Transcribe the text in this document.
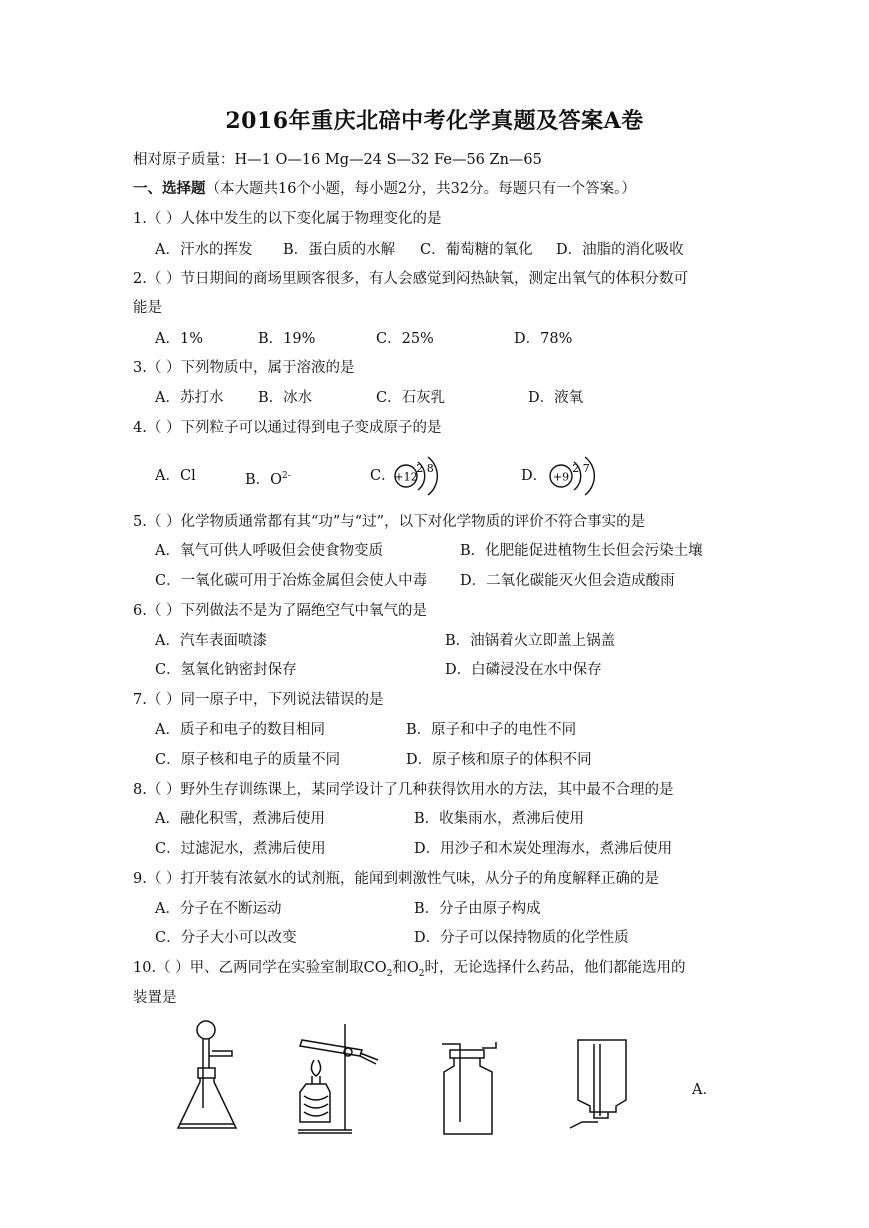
2016年重庆北碚中考化学真题及答案A卷
相对原子质量：H—1 O—16 Mg—24 S—32 Fe—56 Zn—65
一、选择题（本大题共16个小题，每小题2分，共32分。每题只有一个答案。）
1.（ ）人体中发生的以下变化属于物理变化的是
A．汗水的挥发 B．蛋白质的水解 C．葡萄糖的氧化 D．油脂的消化吸收
2.（ ）节日期间的商场里顾客很多，有人会感觉到闷热缺氧，测定出氧气的体积分数可
能是
A．1%	B．19%	C．25%	D．78%
3.（ ）下列物质中，属于溶液的是
A．苏打水 B．冰水	C．石灰乳	D．液氧
4.（ ）下列粒子可以通过得到电子变成原子的是
A．Cl	B．$O^{2-}$	C．	D．
+12
2 8
+9
2 7
5.（ ）化学物质通常都有其“功”与“过”，以下对化学物质的评价不符合事实的是
A．氧气可供人呼吸但会使食物变质	B．化肥能促进植物生长但会污染土壤
C．一氧化碳可用于冶炼金属但会使人中毒 D．二氧化碳能灭火但会造成酸雨
6.（ ）下列做法不是为了隔绝空气中氧气的是
A．汽车表面喷漆	B．油锅着火立即盖上锅盖
C．氢氧化钠密封保存	D．白磷浸没在水中保存
7.（ ）同一原子中，下列说法错误的是
A．质子和电子的数目相同	B．原子和中子的电性不同
C．原子核和电子的质量不同	D．原子核和原子的体积不同
8.（ ）野外生存训练课上，某同学设计了几种获得饮用水的方法，其中最不合理的是
A．融化积雪，煮沸后使用	B．收集雨水，煮沸后使用
C．过滤泥水，煮沸后使用	D．用沙子和木炭处理海水，煮沸后使用
9.（ ）打开装有浓氨水的试剂瓶，能闻到刺激性气味，从分子的角度解释正确的是
A．分子在不断运动	B．分子由原子构成
C．分子大小可以改变	D．分子可以保持物质的化学性质
10.（ ）甲、乙两同学在实验室制取$CO_2$和$O_2$时，无论选择什么药品，他们都能选用的
装置是
A．
